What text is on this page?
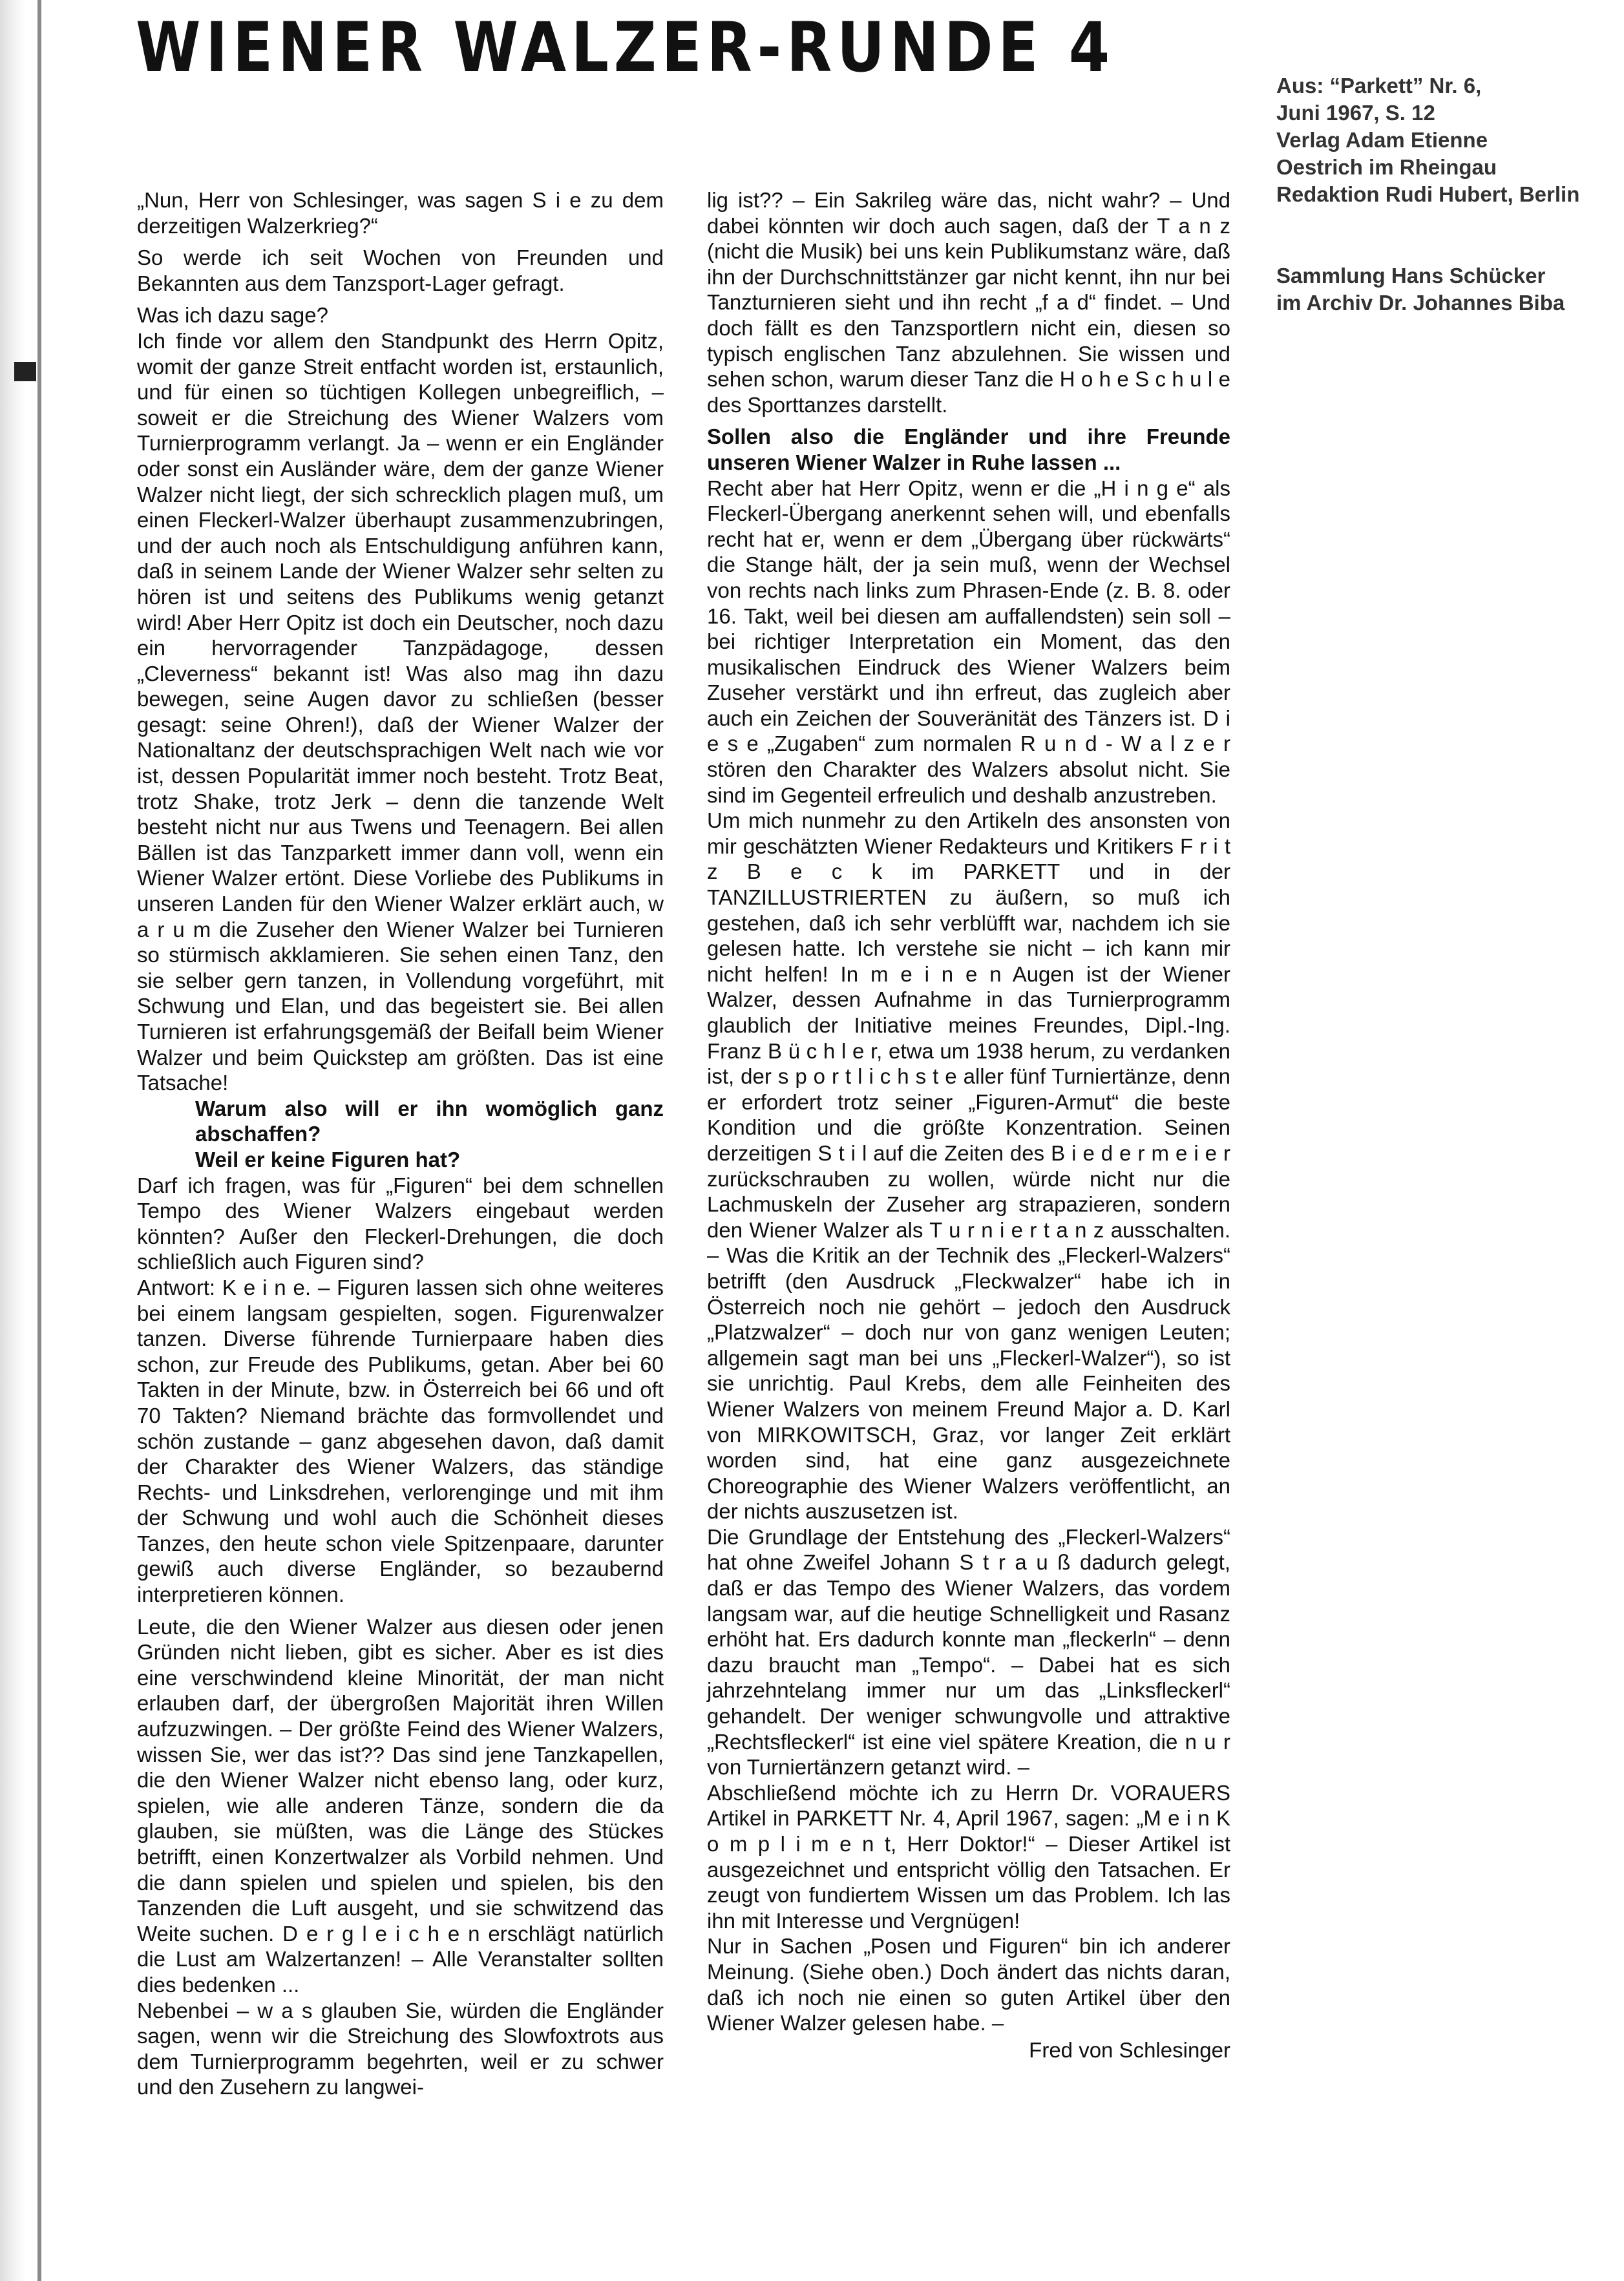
WIENER WALZER-RUNDE 4	Aus: “Parkett” Nr. 6,
Juni 1967, S. 12
Verlag Adam Etienne
Oestrich im Rheingau
Redaktion Rudi Hubert, Berlin
Sammlung Hans Schücker
im Archiv Dr. Johannes Biba

„Nun, Herr von Schlesinger, was sagen S i e zu dem derzeitigen Walzerkrieg?“

So werde ich seit Wochen von Freunden und Bekannten aus dem Tanzsport-Lager gefragt.

Was ich dazu sage?

Ich finde vor allem den Standpunkt des Herrn Opitz, womit der ganze Streit entfacht worden ist, erstaunlich, und für einen so tüchtigen Kollegen unbegreiflich, – soweit er die Streichung des Wiener Walzers vom Turnierprogramm verlangt. Ja – wenn er ein Engländer oder sonst ein Ausländer wäre, dem der ganze Wiener Walzer nicht liegt, der sich schrecklich plagen muß, um einen Fleckerl-Walzer überhaupt zusammenzubringen, und der auch noch als Entschuldigung anführen kann, daß in seinem Lande der Wiener Walzer sehr selten zu hören ist und seitens des Publikums wenig getanzt wird! Aber Herr Opitz ist doch ein Deutscher, noch dazu ein hervorragender Tanzpädagoge, dessen „Cleverness“ bekannt ist! Was also mag ihn dazu bewegen, seine Augen davor zu schließen (besser gesagt: seine Ohren!), daß der Wiener Walzer der Nationaltanz der deutschsprachigen Welt nach wie vor ist, dessen Popularität immer noch besteht. Trotz Beat, trotz Shake, trotz Jerk – denn die tanzende Welt besteht nicht nur aus Twens und Teenagern. Bei allen Bällen ist das Tanzparkett immer dann voll, wenn ein Wiener Walzer ertönt. Diese Vorliebe des Publikums in unseren Landen für den Wiener Walzer erklärt auch, w a r u m die Zuseher den Wiener Walzer bei Turnieren so stürmisch akklamieren. Sie sehen einen Tanz, den sie selber gern tanzen, in Vollendung vorgeführt, mit Schwung und Elan, und das begeistert sie. Bei allen Turnieren ist erfahrungsgemäß der Beifall beim Wiener Walzer und beim Quickstep am größten. Das ist eine Tatsache!

Warum also will er ihn womöglich ganz abschaffen?

Weil er keine Figuren hat?

Darf ich fragen, was für „Figuren“ bei dem schnellen Tempo des Wiener Walzers eingebaut werden könnten? Außer den Fleckerl-Drehungen, die doch schließlich auch Figuren sind?

Antwort: K e i n e. – Figuren lassen sich ohne weiteres bei einem langsam gespielten, sogen. Figurenwalzer tanzen. Diverse führende Turnierpaare haben dies schon, zur Freude des Publikums, getan. Aber bei 60 Takten in der Minute, bzw. in Österreich bei 66 und oft 70 Takten? Niemand brächte das formvollendet und schön zustande – ganz abgesehen davon, daß damit der Charakter des Wiener Walzers, das ständige Rechts- und Linksdrehen, verlorenginge und mit ihm der Schwung und wohl auch die Schönheit dieses Tanzes, den heute schon viele Spitzenpaare, darunter gewiß auch diverse Engländer, so bezaubernd interpretieren können.

Leute, die den Wiener Walzer aus diesen oder jenen Gründen nicht lieben, gibt es sicher. Aber es ist dies eine verschwindend kleine Minorität, der man nicht erlauben darf, der übergroßen Majorität ihren Willen aufzuzwingen. – Der größte Feind des Wiener Walzers, wissen Sie, wer das ist?? Das sind jene Tanzkapellen, die den Wiener Walzer nicht ebenso lang, oder kurz, spielen, wie alle anderen Tänze, sondern die da glauben, sie müßten, was die Länge des Stückes betrifft, einen Konzertwalzer als Vorbild nehmen. Und die dann spielen und spielen und spielen, bis den Tanzenden die Luft ausgeht, und sie schwitzend das Weite suchen. D e r g l e i c h e n erschlägt natürlich die Lust am Walzertanzen! – Alle Veranstalter sollten dies bedenken ...

Nebenbei – w a s glauben Sie, würden die Engländer sagen, wenn wir die Streichung des Slowfoxtrots aus dem Turnierprogramm begehrten, weil er zu schwer und den Zusehern zu langwei-

lig ist?? – Ein Sakrileg wäre das, nicht wahr? – Und dabei könnten wir doch auch sagen, daß der T a n z (nicht die Musik) bei uns kein Publikumstanz wäre, daß ihn der Durchschnittstänzer gar nicht kennt, ihn nur bei Tanzturnieren sieht und ihn recht „f a d“ findet. – Und doch fällt es den Tanzsportlern nicht ein, diesen so typisch englischen Tanz abzulehnen. Sie wissen und sehen schon, warum dieser Tanz die H o h e S c h u l e des Sporttanzes darstellt.

Sollen also die Engländer und ihre Freunde unseren Wiener Walzer in Ruhe lassen ...

Recht aber hat Herr Opitz, wenn er die „H i n g e“ als Fleckerl-Übergang anerkennt sehen will, und ebenfalls recht hat er, wenn er dem „Übergang über rückwärts“ die Stange hält, der ja sein muß, wenn der Wechsel von rechts nach links zum Phrasen-Ende (z. B. 8. oder 16. Takt, weil bei diesen am auffallendsten) sein soll – bei richtiger Interpretation ein Moment, das den musikalischen Eindruck des Wiener Walzers beim Zuseher verstärkt und ihn erfreut, das zugleich aber auch ein Zeichen der Souveränität des Tänzers ist. D i e s e „Zugaben“ zum normalen R u n d - W a l z e r stören den Charakter des Walzers absolut nicht. Sie sind im Gegenteil erfreulich und deshalb anzustreben.

Um mich nunmehr zu den Artikeln des ansonsten von mir geschätzten Wiener Redakteurs und Kritikers F r i t z B e c k im PARKETT und in der TANZILLUSTRIERTEN zu äußern, so muß ich gestehen, daß ich sehr verblüfft war, nachdem ich sie gelesen hatte. Ich verstehe sie nicht – ich kann mir nicht helfen! In m e i n e n Augen ist der Wiener Walzer, dessen Aufnahme in das Turnierprogramm glaublich der Initiative meines Freundes, Dipl.-Ing. Franz B ü c h l e r, etwa um 1938 herum, zu verdanken ist, der s p o r t l i c h s t e aller fünf Turniertänze, denn er erfordert trotz seiner „Figuren-Armut“ die beste Kondition und die größte Konzentration. Seinen derzeitigen S t i l auf die Zeiten des B i e d e r m e i e r zurückschrauben zu wollen, würde nicht nur die Lachmuskeln der Zuseher arg strapazieren, sondern den Wiener Walzer als T u r n i e r t a n z ausschalten. – Was die Kritik an der Technik des „Fleckerl-Walzers“ betrifft (den Ausdruck „Fleckwalzer“ habe ich in Österreich noch nie gehört – jedoch den Ausdruck „Platzwalzer“ – doch nur von ganz wenigen Leuten; allgemein sagt man bei uns „Fleckerl-Walzer“), so ist sie unrichtig. Paul Krebs, dem alle Feinheiten des Wiener Walzers von meinem Freund Major a. D. Karl von MIRKOWITSCH, Graz, vor langer Zeit erklärt worden sind, hat eine ganz ausgezeichnete Choreographie des Wiener Walzers veröffentlicht, an der nichts auszusetzen ist.

Die Grundlage der Entstehung des „Fleckerl-Walzers“ hat ohne Zweifel Johann S t r a u ß dadurch gelegt, daß er das Tempo des Wiener Walzers, das vordem langsam war, auf die heutige Schnelligkeit und Rasanz erhöht hat. Ers dadurch konnte man „fleckerln“ – denn dazu braucht man „Tempo“. – Dabei hat es sich jahrzehntelang immer nur um das „Linksfleckerl“ gehandelt. Der weniger schwungvolle und attraktive „Rechtsfleckerl“ ist eine viel spätere Kreation, die n u r von Turniertänzern getanzt wird. –

Abschließend möchte ich zu Herrn Dr. VORAUERS Artikel in PARKETT Nr. 4, April 1967, sagen: „M e i n K o m p l i m e n t, Herr Doktor!“ – Dieser Artikel ist ausgezeichnet und entspricht völlig den Tatsachen. Er zeugt von fundiertem Wissen um das Problem. Ich las ihn mit Interesse und Vergnügen!

Nur in Sachen „Posen und Figuren“ bin ich anderer Meinung. (Siehe oben.) Doch ändert das nichts daran, daß ich noch nie einen so guten Artikel über den Wiener Walzer gelesen habe. –

Fred von Schlesinger
